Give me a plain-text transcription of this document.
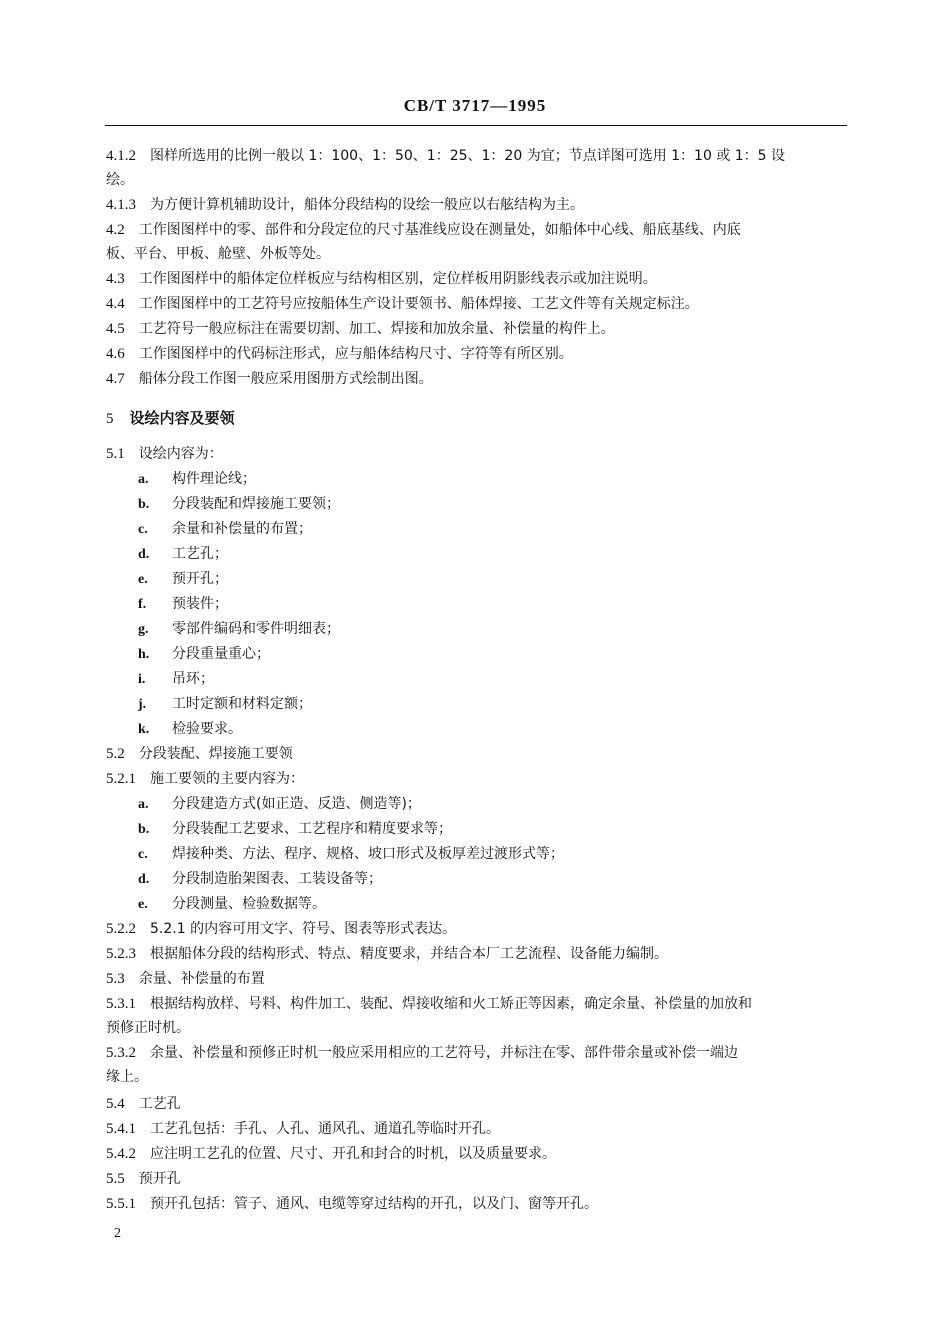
CB/T 3717—1995
4.1.2 图样所选用的比例一般以 1：100、1：50、1：25、1：20 为宜；节点详图可选用 1：10 或 1：5 设
绘。
4.1.3 为方便计算机辅助设计，船体分段结构的设绘一般应以右舷结构为主。
4.2 工作图图样中的零、部件和分段定位的尺寸基准线应设在测量处，如船体中心线、船底基线、内底
板、平台、甲板、舱壁、外板等处。
4.3 工作图图样中的船体定位样板应与结构相区别，定位样板用阴影线表示或加注说明。
4.4 工作图图样中的工艺符号应按船体生产设计要领书、船体焊接、工艺文件等有关规定标注。
4.5 工艺符号一般应标注在需要切割、加工、焊接和加放余量、补偿量的构件上。
4.6 工作图图样中的代码标注形式，应与船体结构尺寸、字符等有所区别。
4.7 船体分段工作图一般应采用图册方式绘制出图。
5 设绘内容及要领
5.1 设绘内容为：
a. 构件理论线；
b. 分段装配和焊接施工要领；
c. 余量和补偿量的布置；
d. 工艺孔；
e. 预开孔；
f. 预装件；
g. 零部件编码和零件明细表；
h. 分段重量重心；
i. 吊环；
j. 工时定额和材料定额；
k. 检验要求。
5.2 分段装配、焊接施工要领
5.2.1 施工要领的主要内容为：
a. 分段建造方式(如正造、反造、侧造等)；
b. 分段装配工艺要求、工艺程序和精度要求等；
c. 焊接种类、方法、程序、规格、坡口形式及板厚差过渡形式等；
d. 分段制造胎架图表、工装设备等；
e. 分段测量、检验数据等。
5.2.2 5.2.1 的内容可用文字、符号、图表等形式表达。
5.2.3 根据船体分段的结构形式、特点、精度要求，并结合本厂工艺流程、设备能力编制。
5.3 余量、补偿量的布置
5.3.1 根据结构放样、号料、构件加工、装配、焊接收缩和火工矫正等因素，确定余量、补偿量的加放和
预修正时机。
5.3.2 余量、补偿量和预修正时机一般应采用相应的工艺符号，并标注在零、部件带余量或补偿一端边
缘上。
5.4 工艺孔
5.4.1 工艺孔包括：手孔、人孔、通风孔、通道孔等临时开孔。
5.4.2 应注明工艺孔的位置、尺寸、开孔和封合的时机，以及质量要求。
5.5 预开孔
5.5.1 预开孔包括：管子、通风、电缆等穿过结构的开孔，以及门、窗等开孔。
2
